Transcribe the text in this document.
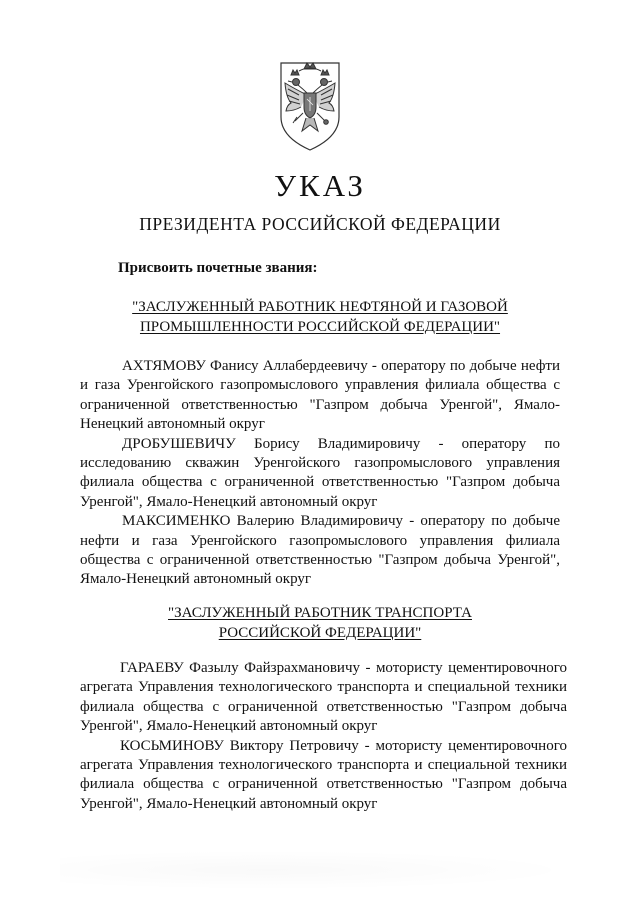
УКАЗ
ПРЕЗИДЕНТА РОССИЙСКОЙ ФЕДЕРАЦИИ
Присвоить почетные звания:
"ЗАСЛУЖЕННЫЙ РАБОТНИК НЕФТЯНОЙ И ГАЗОВОЙ
ПРОМЫШЛЕННОСТИ РОССИЙСКОЙ ФЕДЕРАЦИИ"

АХТЯМОВУ Фанису Аллабердеевичу - оператору по добыче нефти и газа Уренгойского газопромыслового управления филиала общества с ограниченной ответственностью "Газпром добыча Уренгой", Ямало-Ненецкий автономный округ

ДРОБУШЕВИЧУ Борису Владимировичу - оператору по исследованию скважин Уренгойского газопромыслового управления филиала общества с ограниченной ответственностью "Газпром добыча Уренгой", Ямало-Ненецкий автономный округ

МАКСИМЕНКО Валерию Владимировичу - оператору по добыче нефти и газа Уренгойского газопромыслового управления филиала общества с ограниченной ответственностью "Газпром добыча Уренгой", Ямало-Ненецкий автономный округ

"ЗАСЛУЖЕННЫЙ РАБОТНИК ТРАНСПОРТА
РОССИЙСКОЙ ФЕДЕРАЦИИ"

ГАРАЕВУ Фазылу Файзрахмановичу - мотористу цементировочного агрегата Управления технологического транспорта и специальной техники филиала общества с ограниченной ответственностью "Газпром добыча Уренгой", Ямало-Ненецкий автономный округ

КОСЬМИНОВУ Виктору Петровичу - мотористу цементировочного агрегата Управления технологического транспорта и специальной техники филиала общества с ограниченной ответственностью "Газпром добыча Уренгой", Ямало-Ненецкий автономный округ
